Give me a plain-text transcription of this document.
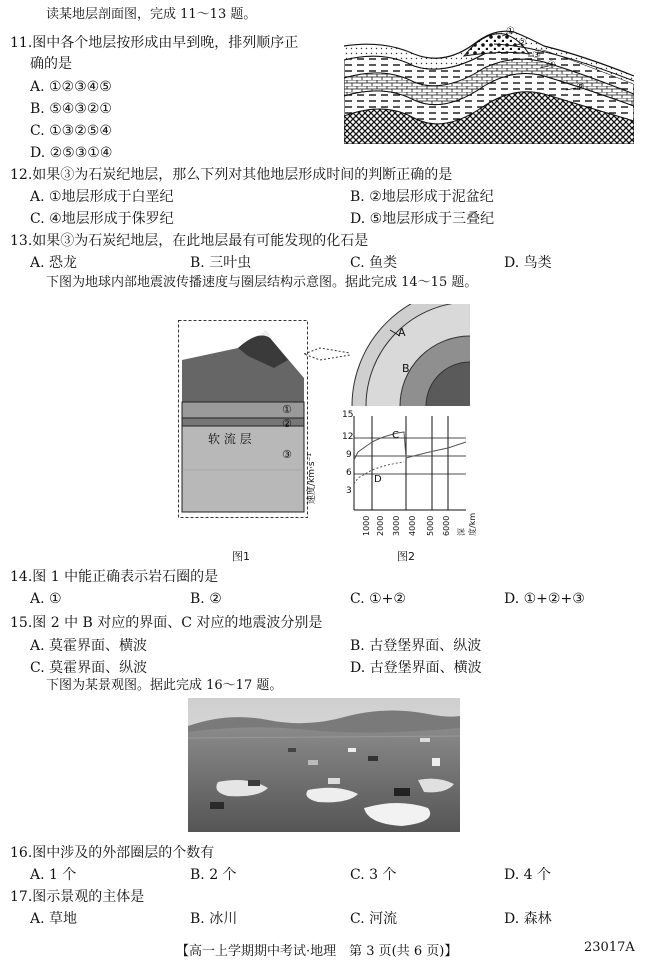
读某地层剖面图，完成 11～13 题。
11.图中各个地层按形成由早到晚，排列顺序正
确的是
A. ①②③④⑤
B. ⑤④③②①
C. ①③②⑤④
D. ②⑤③①④
①
②
③
④
⑤
12.如果③为石炭纪地层，那么下列对其他地层形成时间的判断正确的是
A. ①地层形成于白垩纪	B. ②地层形成于泥盆纪
C. ④地层形成于侏罗纪	D. ⑤地层形成于三叠纪
13.如果③为石炭纪地层，在此地层最有可能发现的化石是
A. 恐龙	B. 三叶虫	C. 鱼类	D. 鸟类
下图为地球内部地震波传播速度与圈层结构示意图。据此完成 14～15 题。
①
②
③
软 流 层
图1
A
B
15
12
9
6
3
C
D
速度/km·s⁻¹
1000 2000 3000 4000 5000 6000 深度/km
图2
14.图 1 中能正确表示岩石圈的是
A. ①	B. ②	C. ①+②	D. ①+②+③
15.图 2 中 B 对应的界面、C 对应的地震波分别是
A. 莫霍界面、横波	B. 古登堡界面、纵波
C. 莫霍界面、纵波	D. 古登堡界面、横波
下图为某景观图。据此完成 16～17 题。
16.图中涉及的外部圈层的个数有
A. 1 个	B. 2 个	C. 3 个	D. 4 个
17.图示景观的主体是
A. 草地	B. 冰川	C. 河流	D. 森林
【高一上学期期中考试·地理　第 3 页(共 6 页)】	23017A
